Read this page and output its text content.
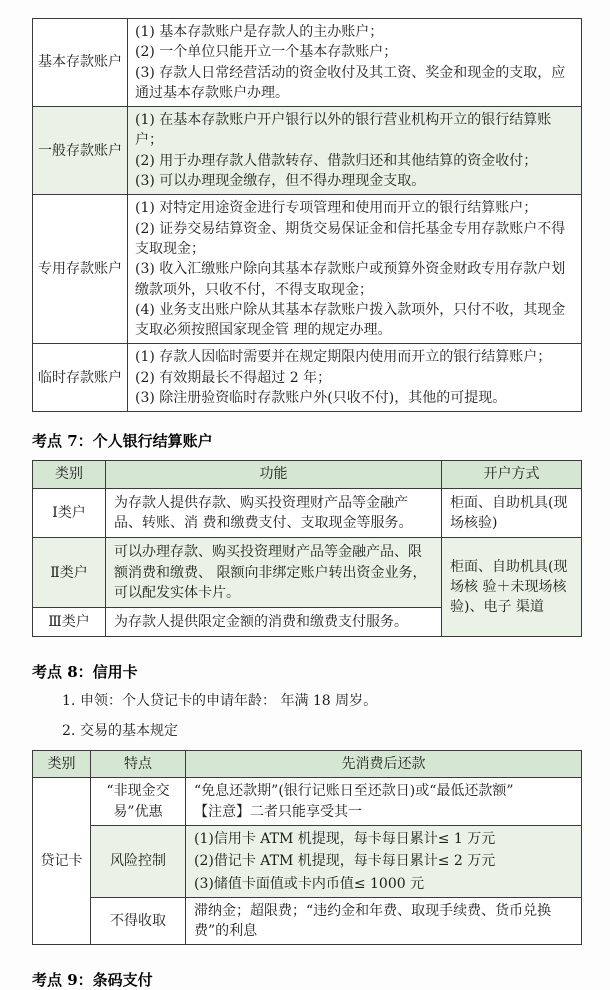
基本存款账户	(1) 基本存款账户是存款人的主办账户；
(2) 一个单位只能开立一个基本存款账户；
(3) 存款人日常经营活动的资金收付及其工资、奖金和现金的支取，应通过基本存款账户办理。

一般存款账户	(1) 在基本存款账户开户银行以外的银行营业机构开立的银行结算账户；
(2) 用于办理存款人借款转存、借款归还和其他结算的资金收付；
(3) 可以办理现金缴存，但不得办理现金支取。

专用存款账户	(1) 对特定用途资金进行专项管理和使用而开立的银行结算账户；
(2) 证券交易结算资金、期货交易保证金和信托基金专用存款账户不得支取现金；
(3) 收入汇缴账户除向其基本存款账户或预算外资金财政专用存款户划缴款项外，只收不付，不得支取现金；
(4) 业务支出账户除从其基本存款账户拨入款项外，只付不收，其现金支取必须按照国家现金管 理的规定办理。

临时存款账户	(1) 存款人因临时需要并在规定期限内使用而开立的银行结算账户；
(2) 有效期最长不得超过 2 年；
(3) 除注册验资临时存款账户外(只收不付)，其他的可提现。
考点 7：个人银行结算账户
类别	功能	开户方式
Ⅰ类户	为存款人提供存款、购买投资理财产品等金融产品、转账、消 费和缴费支付、支取现金等服务。	柜面、自助机具(现场核验)
Ⅱ类户	可以办理存款、购买投资理财产品等金融产品、限额消费和缴费、 限额向非绑定账户转出资金业务，可以配发实体卡片。	柜面、自助机具(现场核 验＋未现场核验)、电子 渠道
Ⅲ类户	为存款人提供限定金额的消费和缴费支付服务。	
考点 8：信用卡
1. 申领：个人贷记卡的申请年龄： 年满 18 周岁。
2. 交易的基本规定
类别	特点	先消费后还款
贷记卡	“非现金交易”优惠	“免息还款期”(银行记账日至还款日)或“最低还款额”
【注意】二者只能享受其一

	风险控制	(1)信用卡 ATM 机提现，每卡每日累计≤ 1 万元
(2)借记卡 ATM 机提现，每卡每日累计≤ 2 万元
(3)储值卡面值或卡内币值≤ 1000 元

	不得收取	滞纳金；超限费；“违约金和年费、取现手续费、货币兑换费”的利息
考点 9：条码支付
